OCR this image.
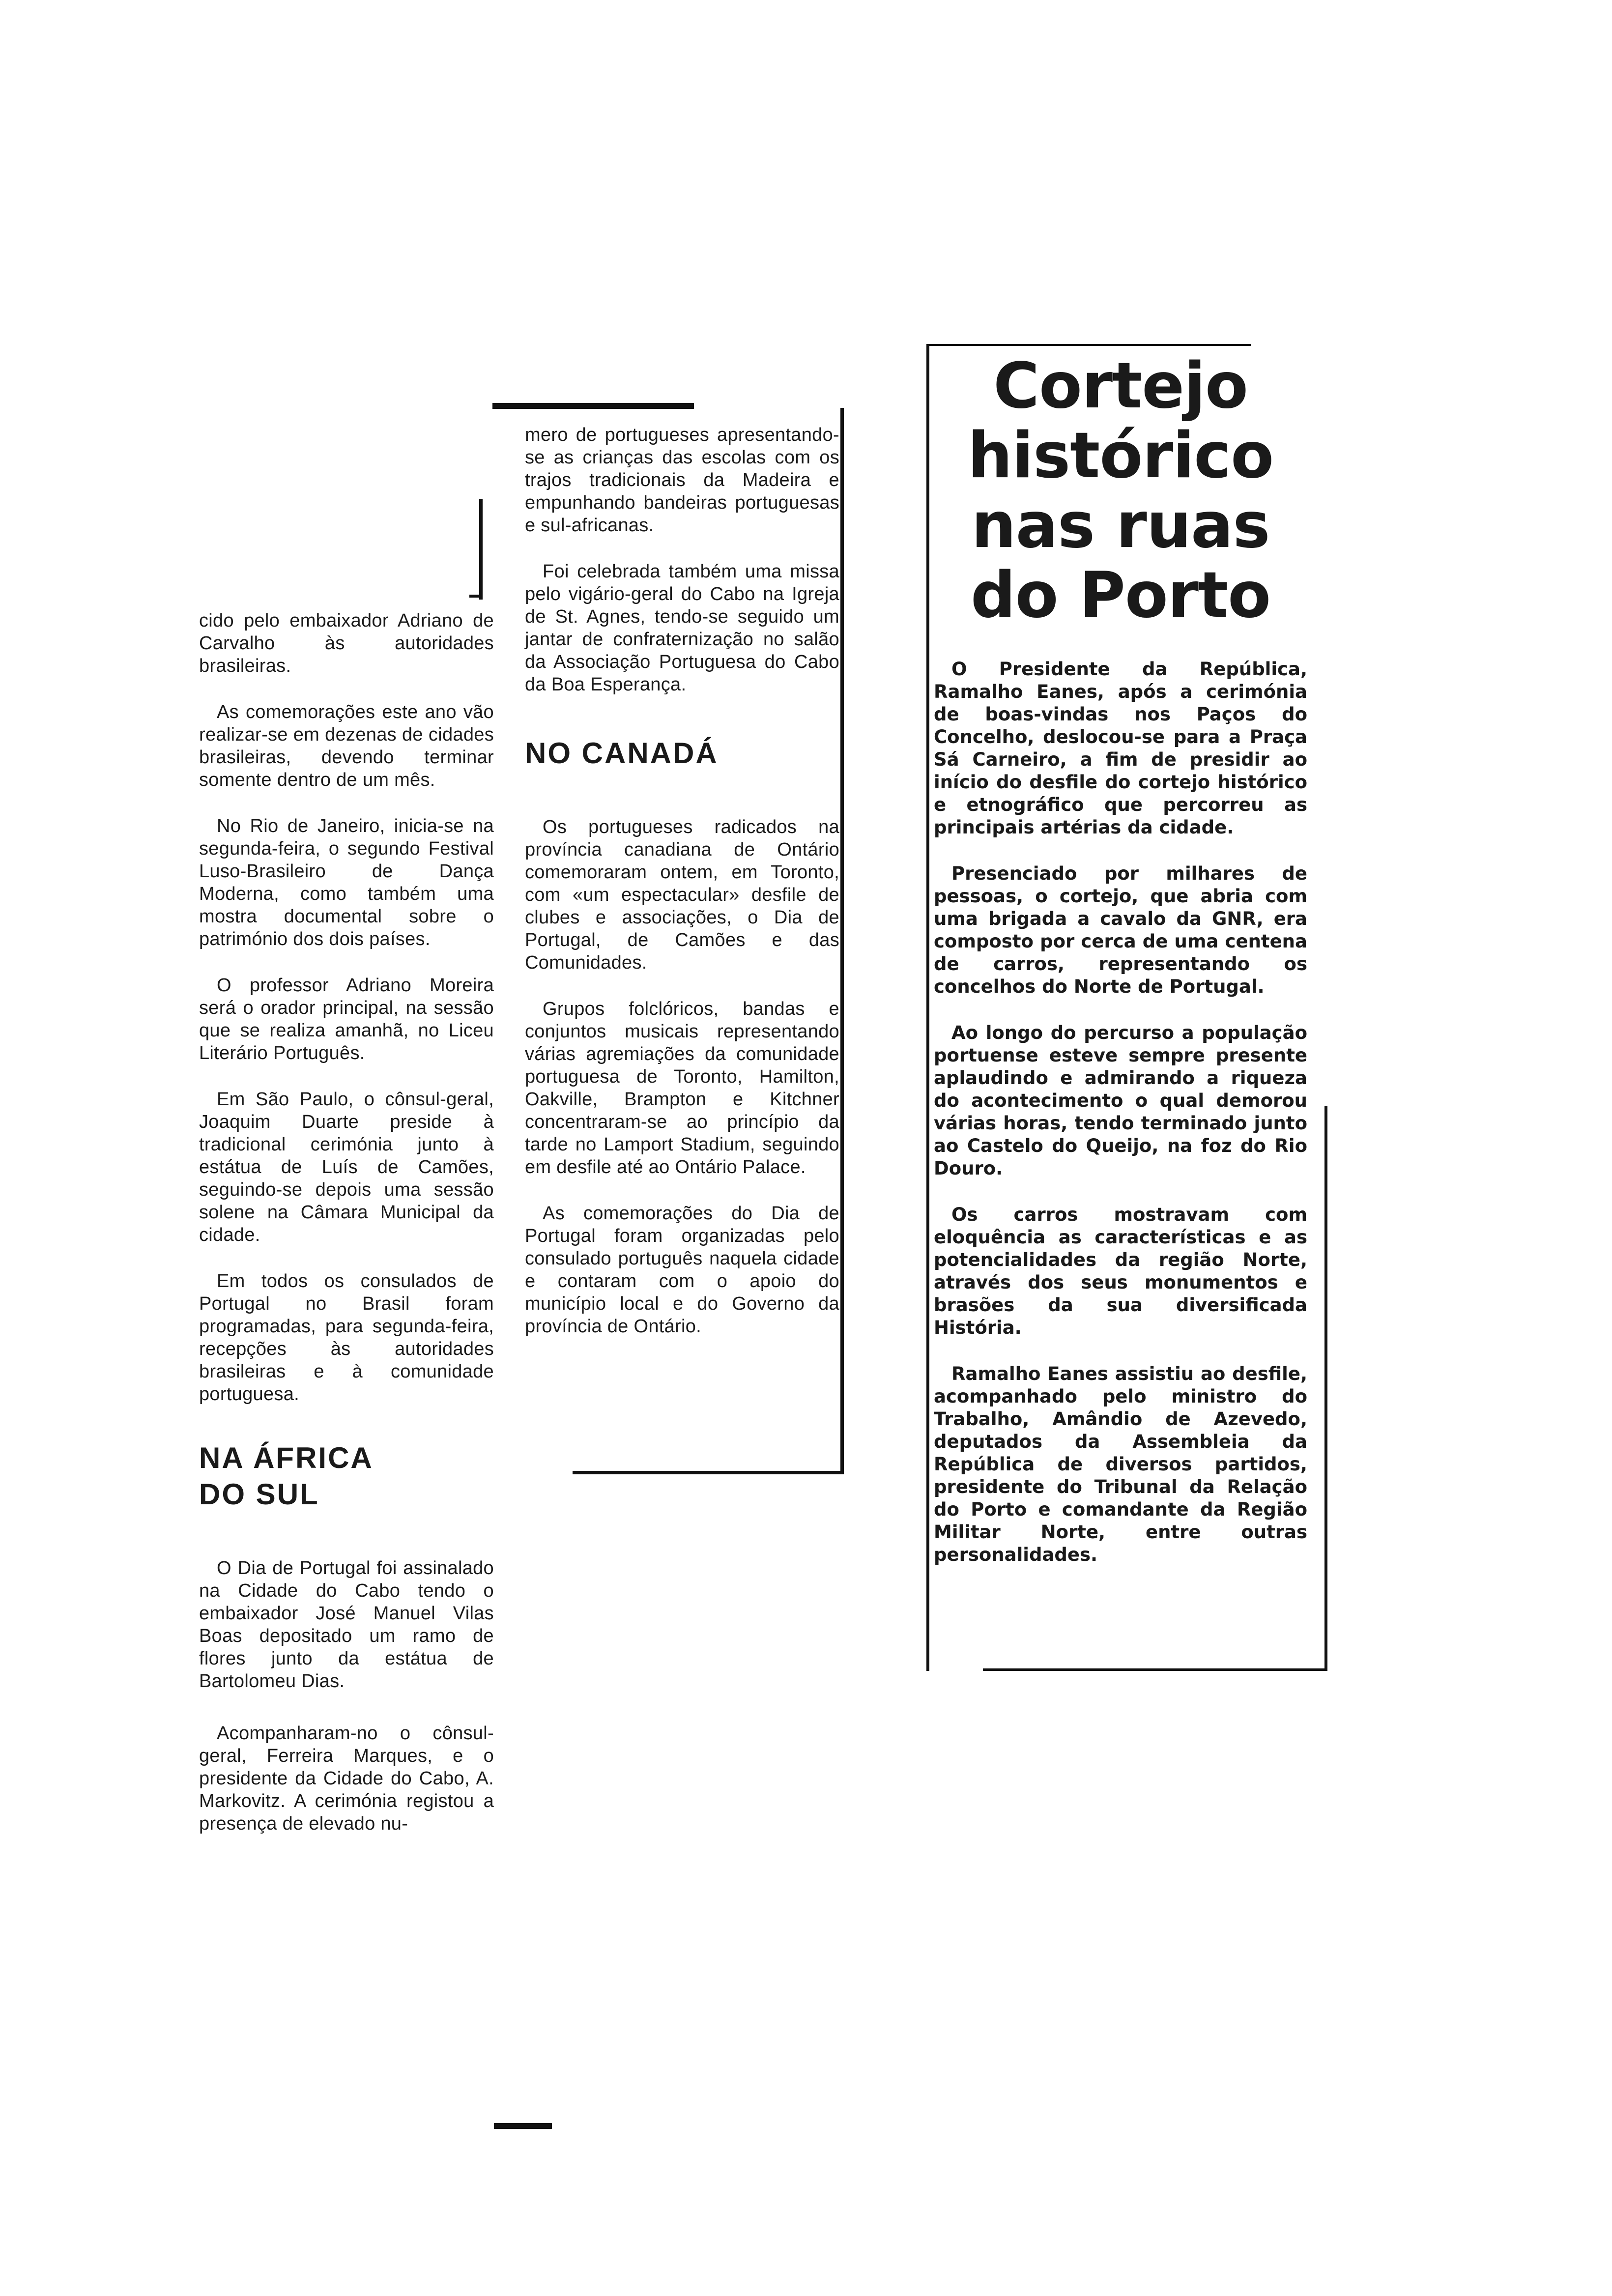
cido pelo embaixador Adriano de Carvalho às autoridades brasileiras.

As comemorações este ano vão realizar-se em dezenas de cidades brasileiras, devendo terminar somente dentro de um mês.

No Rio de Janeiro, inicia-se na segunda-feira, o segundo Festival Luso-Brasileiro de Dança Moderna, como também uma mostra documental sobre o património dos dois países.

O professor Adriano Moreira será o orador principal, na sessão que se realiza amanhã, no Liceu Literário Português.

Em São Paulo, o cônsul-geral, Joaquim Duarte preside à tradicional cerimónia junto à estátua de Luís de Camões, seguindo-se depois uma sessão solene na Câmara Municipal da cidade.

Em todos os consulados de Portugal no Brasil foram programadas, para segunda-feira, recepções às autoridades brasileiras e à comunidade portuguesa.

NA ÁFRICA DO SUL

O Dia de Portugal foi assinalado na Cidade do Cabo tendo o embaixador José Manuel Vilas Boas depositado um ramo de flores junto da estátua de Bartolomeu Dias.

Acompanharam-no o cônsul-geral, Ferreira Marques, e o presidente da Cidade do Cabo, A. Markovitz. A cerimónia registou a presença de elevado nu-

mero de portugueses apresentando-se as crianças das escolas com os trajos tradicionais da Madeira e empunhando bandeiras portuguesas e sul-africanas.

Foi celebrada também uma missa pelo vigário-geral do Cabo na Igreja de St. Agnes, tendo-se seguido um jantar de confraternização no salão da Associação Portuguesa do Cabo da Boa Esperança.

NO CANADÁ

Os portugueses radicados na província canadiana de Ontário comemoraram ontem, em Toronto, com «um espectacular» desfile de clubes e associações, o Dia de Portugal, de Camões e das Comunidades.

Grupos folclóricos, bandas e conjuntos musicais representando várias agremiações da comunidade portuguesa de Toronto, Hamilton, Oakville, Brampton e Kitchner concentraram-se ao princípio da tarde no Lamport Stadium, seguindo em desfile até ao Ontário Palace.

As comemorações do Dia de Portugal foram organizadas pelo consulado português naquela cidade e contaram com o apoio do município local e do Governo da província de Ontário.

Cortejo histórico nas ruas do Porto

O Presidente da República, Ramalho Eanes, após a cerimónia de boas-vindas nos Paços do Concelho, deslocou-se para a Praça Sá Carneiro, a fim de presidir ao início do desfile do cortejo histórico e etnográfico que percorreu as principais artérias da cidade.

Presenciado por milhares de pessoas, o cortejo, que abria com uma brigada a cavalo da GNR, era composto por cerca de uma centena de carros, representando os concelhos do Norte de Portugal.

Ao longo do percurso a população portuense esteve sempre presente aplaudindo e admirando a riqueza do acontecimento o qual demorou várias horas, tendo terminado junto ao Castelo do Queijo, na foz do Rio Douro.

Os carros mostravam com eloquência as características e as potencialidades da região Norte, através dos seus monumentos e brasões da sua diversificada História.

Ramalho Eanes assistiu ao desfile, acompanhado pelo ministro do Trabalho, Amândio de Azevedo, deputados da Assembleia da República de diversos partidos, presidente do Tribunal da Relação do Porto e comandante da Região Militar Norte, entre outras personalidades.
